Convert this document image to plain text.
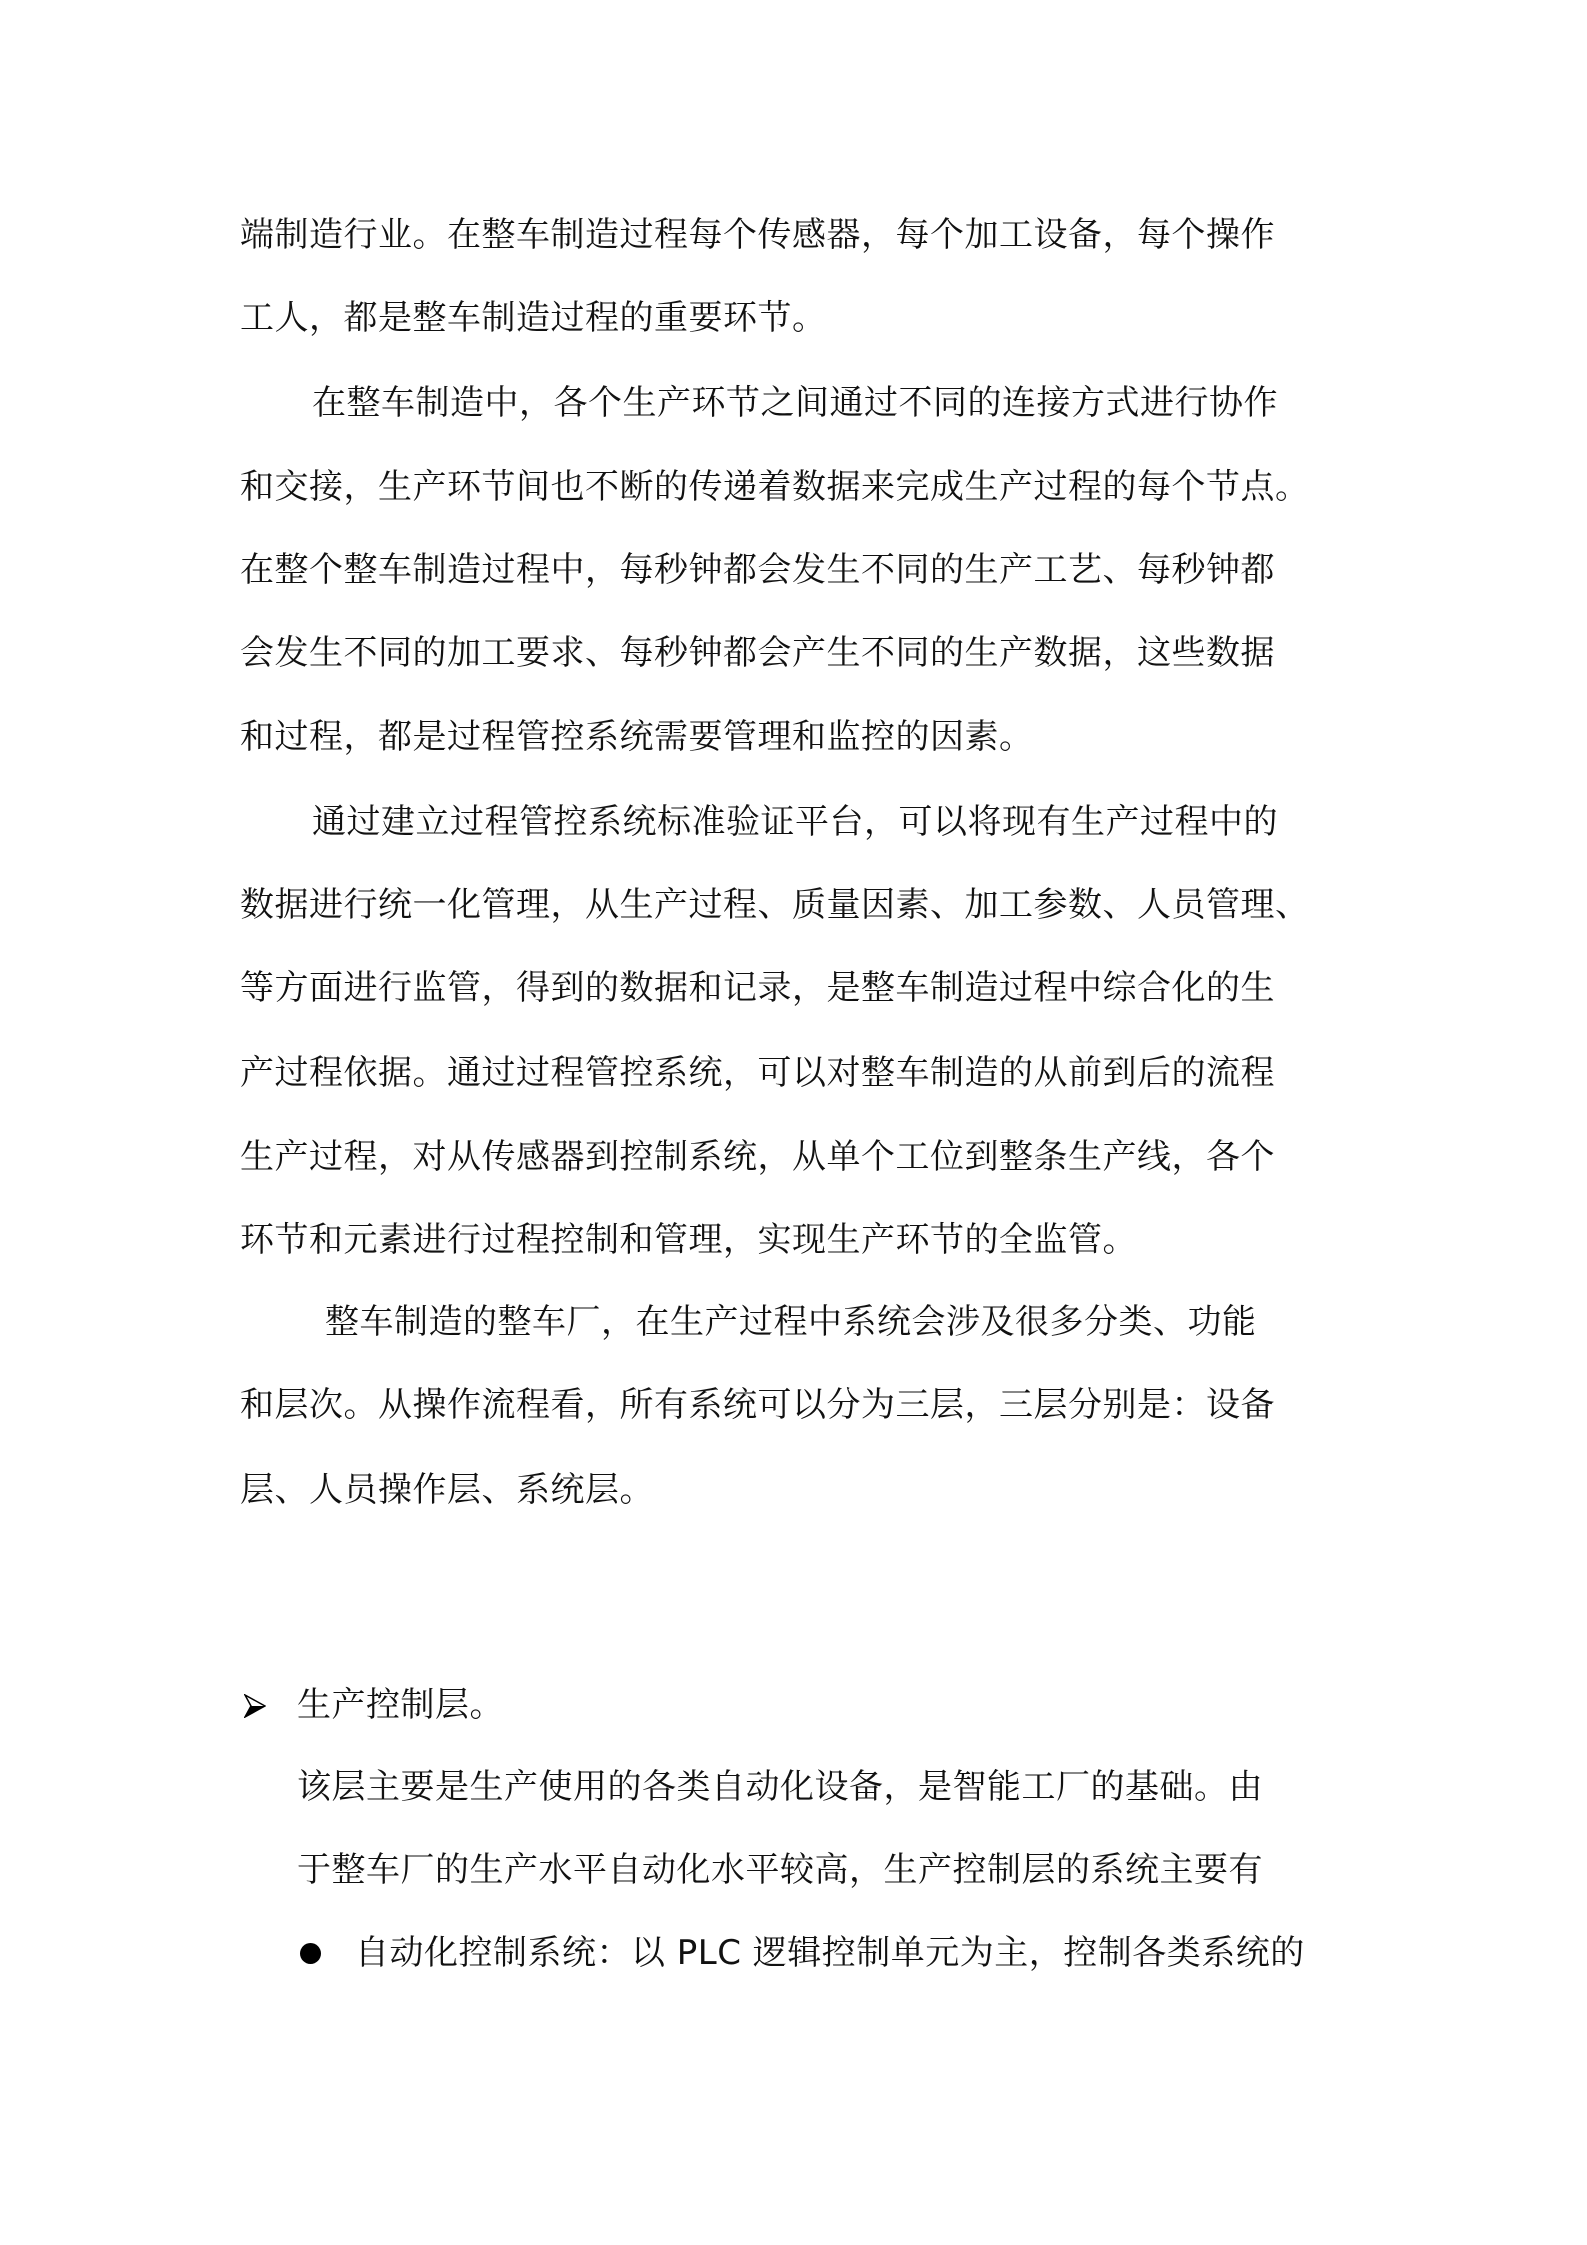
端制造行业。在整车制造过程每个传感器，每个加工设备，每个操作
工人，都是整车制造过程的重要环节。
在整车制造中，各个生产环节之间通过不同的连接方式进行协作
和交接，生产环节间也不断的传递着数据来完成生产过程的每个节点。
在整个整车制造过程中，每秒钟都会发生不同的生产工艺、每秒钟都
会发生不同的加工要求、每秒钟都会产生不同的生产数据，这些数据
和过程，都是过程管控系统需要管理和监控的因素。
通过建立过程管控系统标准验证平台，可以将现有生产过程中的
数据进行统一化管理，从生产过程、质量因素、加工参数、人员管理、
等方面进行监管，得到的数据和记录，是整车制造过程中综合化的生
产过程依据。通过过程管控系统，可以对整车制造的从前到后的流程
生产过程，对从传感器到控制系统，从单个工位到整条生产线，各个
环节和元素进行过程控制和管理，实现生产环节的全监管。
整车制造的整车厂，在生产过程中系统会涉及很多分类、功能
和层次。从操作流程看，所有系统可以分为三层，三层分别是：设备
层、人员操作层、系统层。
生产控制层。
该层主要是生产使用的各类自动化设备，是智能工厂的基础。由
于整车厂的生产水平自动化水平较高，生产控制层的系统主要有
自动化控制系统：以 PLC 逻辑控制单元为主，控制各类系统的
